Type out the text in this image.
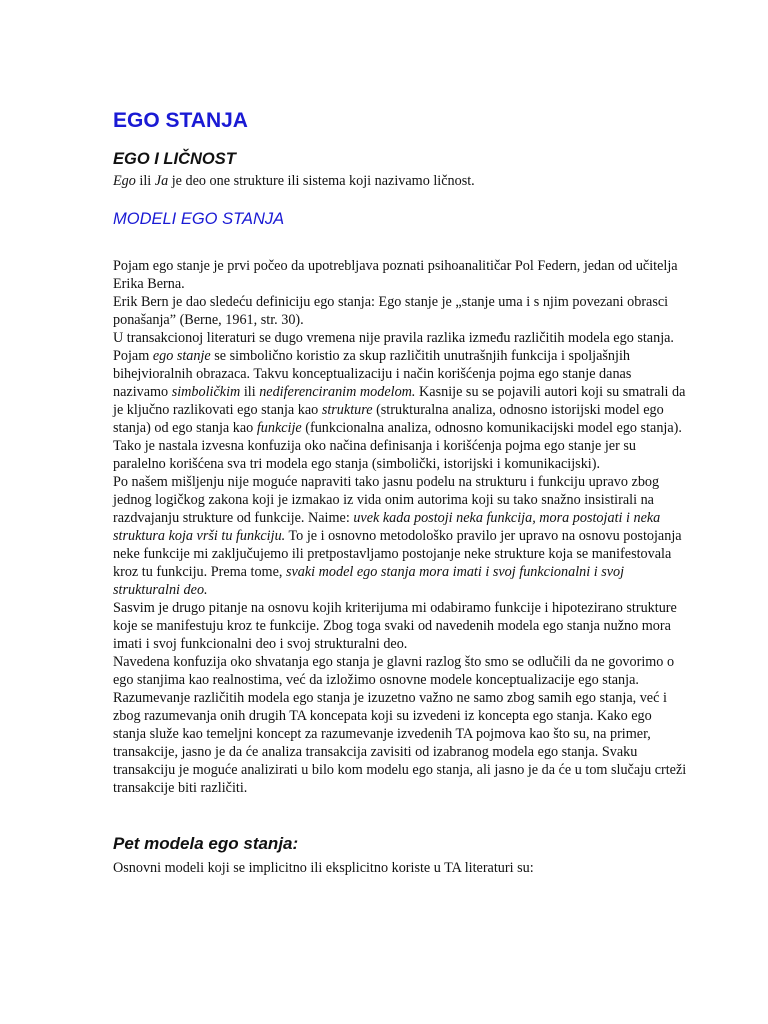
EGO STANJA
EGO I LIČNOST

Ego ili Ja je deo one strukture ili sistema koji nazivamo ličnost.

MODELI EGO STANJA

Pojam ego stanje je prvi počeo da upotrebljava poznati psihoanalitičar Pol Federn, jedan od učitelja Erika Berna.

Erik Bern je dao sledeću definiciju ego stanja: Ego stanje je „stanje uma i s njim povezani obrasci ponašanja” (Berne, 1961, str. 30).

U transakcionoj literaturi se dugo vremena nije pravila razlika između različitih modela ego stanja. Pojam ego stanje se simbolično koristio za skup različitih unutrašnjih funkcija i spoljašnjih bihejvioralnih obrazaca. Takvu konceptualizaciju i način korišćenja pojma ego stanje danas nazivamo simboličkim ili nediferenciranim modelom. Kasnije su se pojavili autori koji su smatrali da je ključno razlikovati ego stanja kao strukture (strukturalna analiza, odnosno istorijski model ego stanja) od ego stanja kao funkcije (funkcionalna analiza, odnosno komunikacijski model ego stanja). Tako je nastala izvesna konfuzija oko načina definisanja i korišćenja pojma ego stanje jer su paralelno korišćena sva tri modela ego stanja (simbolički, istorijski i komunikacijski).

Po našem mišljenju nije moguće napraviti tako jasnu podelu na strukturu i funkciju upravo zbog jednog logičkog zakona koji je izmakao iz vida onim autorima koji su tako snažno insistirali na razdvajanju strukture od funkcije. Naime: uvek kada postoji neka funkcija, mora postojati i neka struktura koja vrši tu funkciju. To je i osnovno metodološko pravilo jer upravo na osnovu postojanja neke funkcije mi zaključujemo ili pretpostavljamo postojanje neke strukture koja se manifestovala kroz tu funkciju. Prema tome, svaki model ego stanja mora imati i svoj funkcionalni i svoj strukturalni deo.

Sasvim je drugo pitanje na osnovu kojih kriterijuma mi odabiramo funkcije i hipotezirano strukture koje se manifestuju kroz te funkcije. Zbog toga svaki od navedenih modela ego stanja nužno mora imati i svoj funkcionalni deo i svoj strukturalni deo.

Navedena konfuzija oko shvatanja ego stanja je glavni razlog što smo se odlučili da ne govorimo o ego stanjima kao realnostima, već da izložimo osnovne modele konceptualizacije ego stanja. Razumevanje različitih modela ego stanja je izuzetno važno ne samo zbog samih ego stanja, već i zbog razumevanja onih drugih TA koncepata koji su izvedeni iz koncepta ego stanja. Kako ego stanja služe kao temeljni koncept za razumevanje izvedenih TA pojmova kao što su, na primer, transakcije, jasno je da će analiza transakcija zavisiti od izabranog modela ego stanja. Svaku transakciju je moguće analizirati u bilo kom modelu ego stanja, ali jasno je da će u tom slučaju crteži transakcije biti različiti.

Pet modela ego stanja:

Osnovni modeli koji se implicitno ili eksplicitno koriste u TA literaturi su:
